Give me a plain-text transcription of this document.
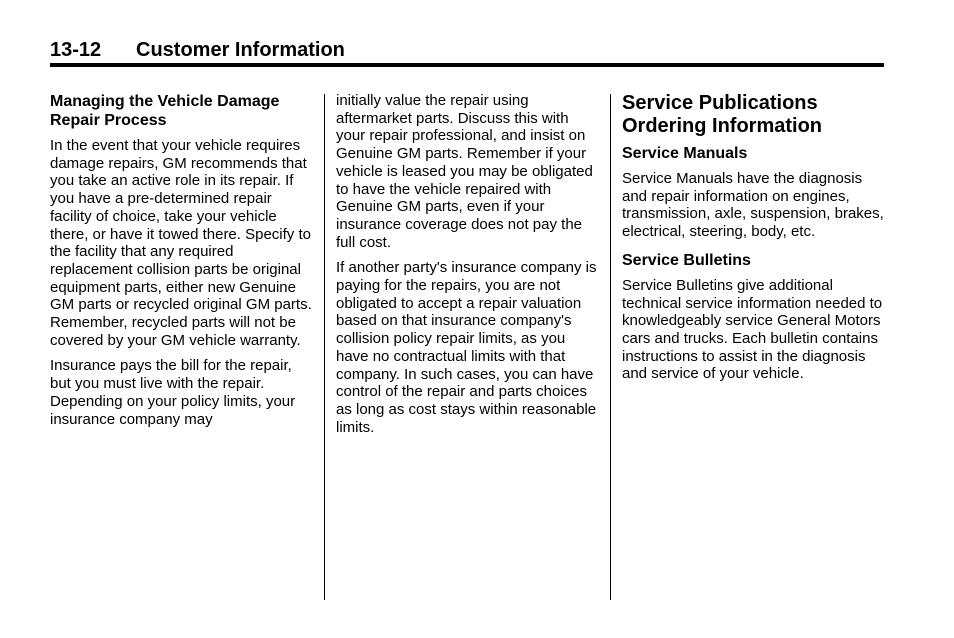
13-12 Customer Information
Managing the Vehicle Damage Repair Process

In the event that your vehicle requires damage repairs, GM recommends that you take an active role in its repair. If you have a pre-determined repair facility of choice, take your vehicle there, or have it towed there. Specify to the facility that any required replacement collision parts be original equipment parts, either new Genuine GM parts or recycled original GM parts. Remember, recycled parts will not be covered by your GM vehicle warranty.

Insurance pays the bill for the repair, but you must live with the repair. Depending on your policy limits, your insurance company may

initially value the repair using aftermarket parts. Discuss this with your repair professional, and insist on Genuine GM parts. Remember if your vehicle is leased you may be obligated to have the vehicle repaired with Genuine GM parts, even if your insurance coverage does not pay the full cost.

If another party's insurance company is paying for the repairs, you are not obligated to accept a repair valuation based on that insurance company's collision policy repair limits, as you have no contractual limits with that company. In such cases, you can have control of the repair and parts choices as long as cost stays within reasonable limits.

Service Publications Ordering Information
Service Manuals

Service Manuals have the diagnosis and repair information on engines, transmission, axle, suspension, brakes, electrical, steering, body, etc.

Service Bulletins

Service Bulletins give additional technical service information needed to knowledgeably service General Motors cars and trucks. Each bulletin contains instructions to assist in the diagnosis and service of your vehicle.
